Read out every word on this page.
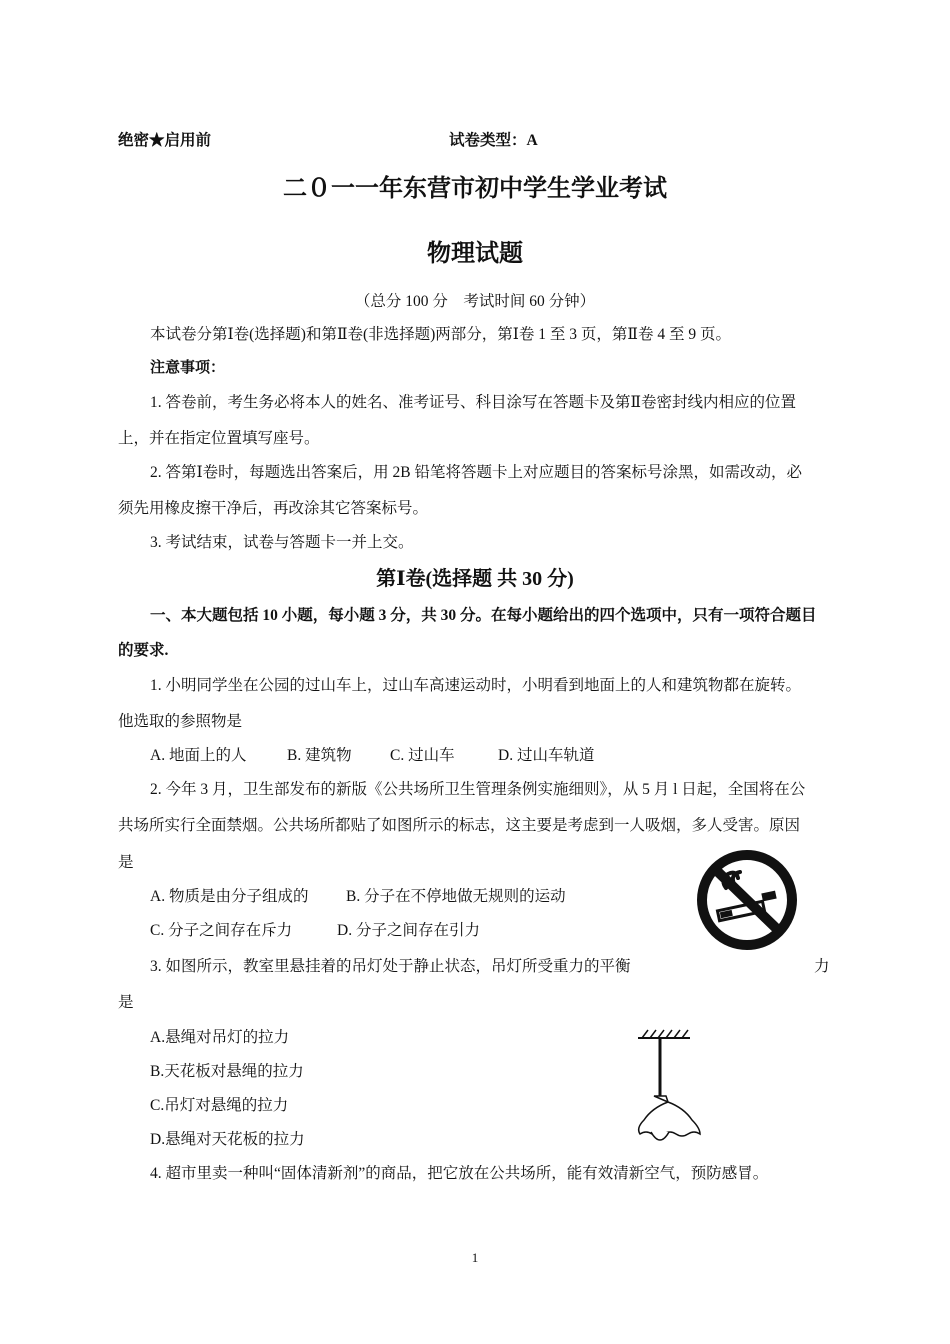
绝密★启用前	试卷类型：A
二０一一年东营市初中学生学业考试
物理试题
（总分 100 分　考试时间 60 分钟）
本试卷分第Ⅰ卷(选择题)和第Ⅱ卷(非选择题)两部分，第Ⅰ卷 1 至 3 页，第Ⅱ卷 4 至 9 页。
注意事项：
1. 答卷前，考生务必将本人的姓名、准考证号、科目涂写在答题卡及第Ⅱ卷密封线内相应的位置
上，并在指定位置填写座号。
2. 答第Ⅰ卷时，每题选出答案后，用 2B 铅笔将答题卡上对应题目的答案标号涂黑，如需改动，必
须先用橡皮擦干净后，再改涂其它答案标号。
3. 考试结束，试卷与答题卡一并上交。
第Ⅰ卷(选择题 共 30 分)
一、本大题包括 10 小题，每小题 3 分，共 30 分。在每小题给出的四个选项中，只有一项符合题目
的要求.
1. 小明同学坐在公园的过山车上，过山车高速运动时，小明看到地面上的人和建筑物都在旋转。
他选取的参照物是
A. 地面上的人	B. 建筑物 C. 过山车	D. 过山车轨道
2. 今年 3 月，卫生部发布的新版《公共场所卫生管理条例实施细则》，从 5 月 l 日起，全国将在公
共场所实行全面禁烟。公共场所都贴了如图所示的标志，这主要是考虑到一人吸烟，多人受害。原因
是
A. 物质是由分子组成的 B. 分子在不停地做无规则的运动
C. 分子之间存在斥力	D. 分子之间存在引力
3. 如图所示，教室里悬挂着的吊灯处于静止状态，吊灯所受重力的平衡	力
是
A.悬绳对吊灯的拉力
B.天花板对悬绳的拉力
C.吊灯对悬绳的拉力
D.悬绳对天花板的拉力
4. 超市里卖一种叫“固体清新剂”的商品，把它放在公共场所，能有效清新空气，预防感冒。
1
